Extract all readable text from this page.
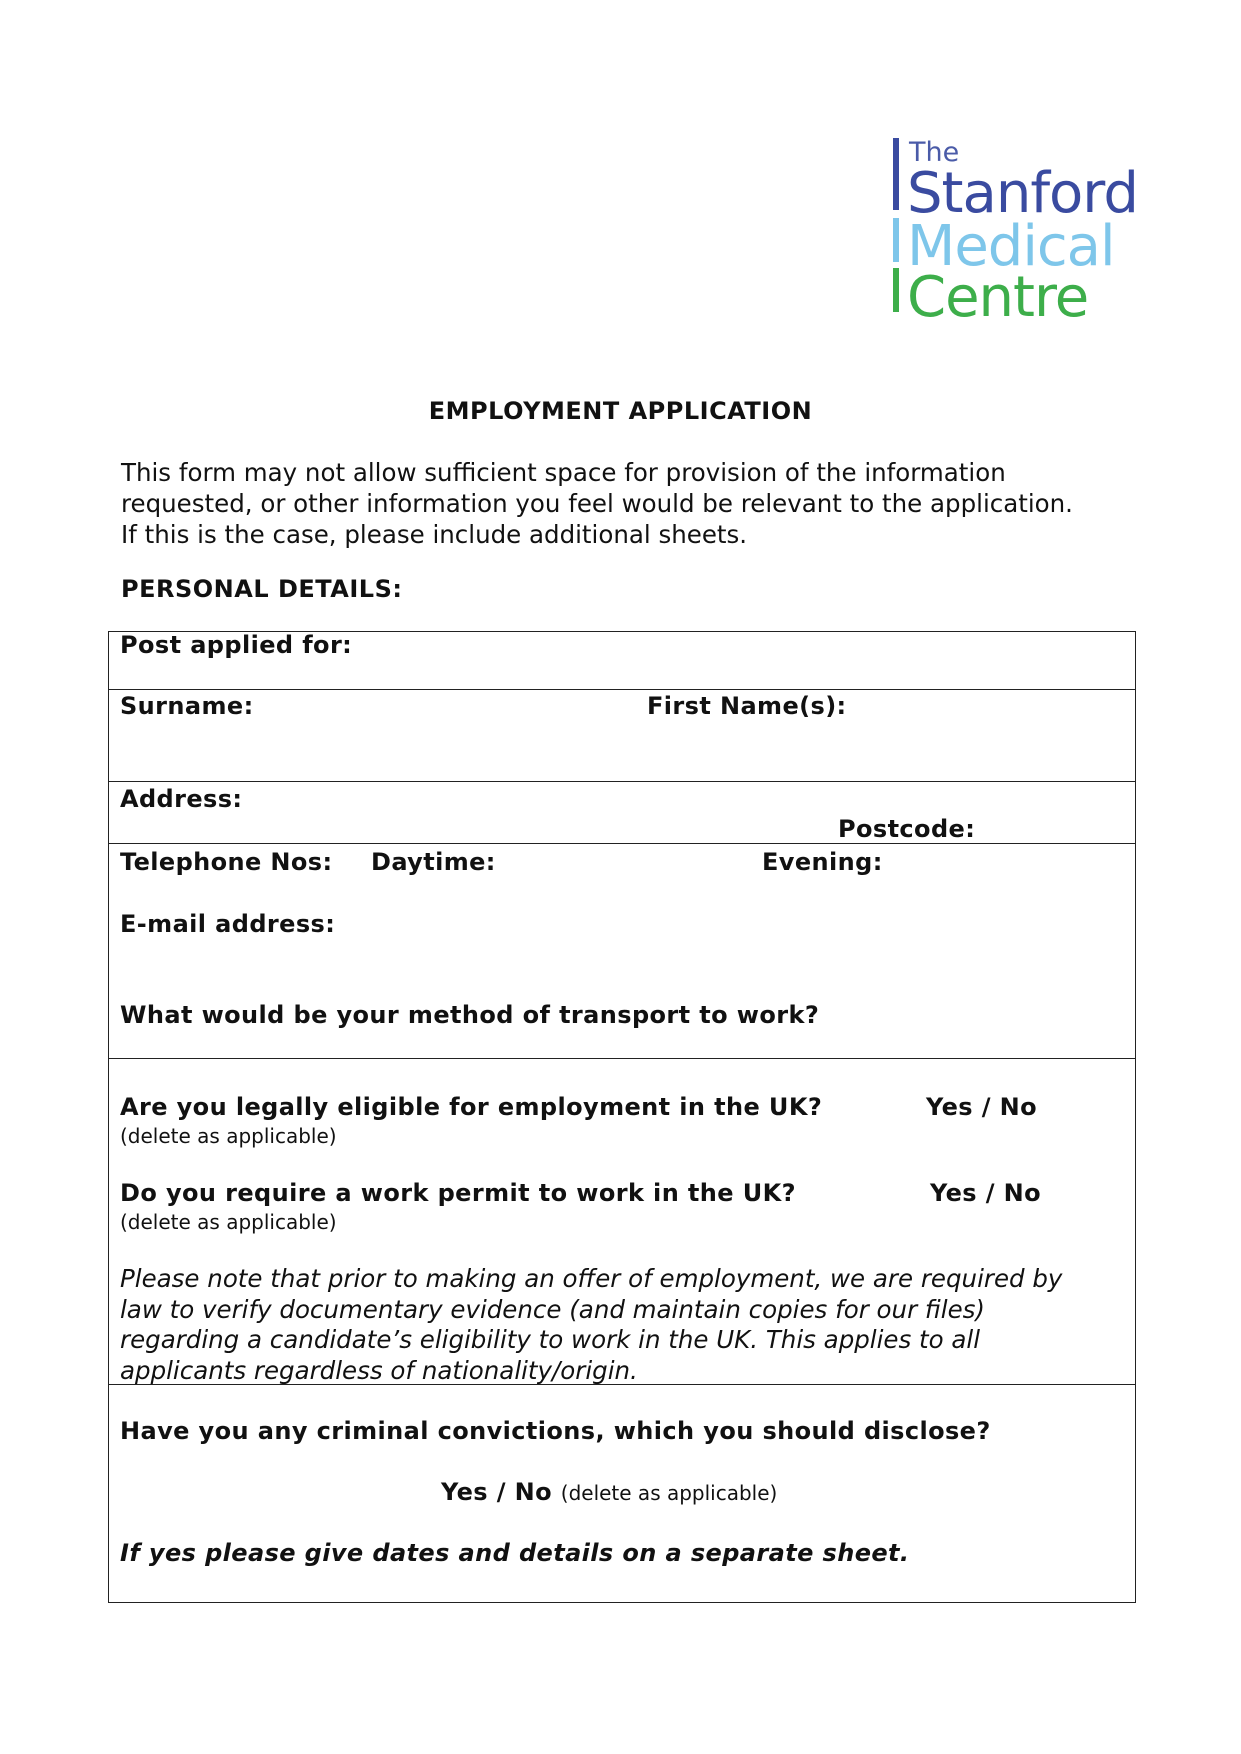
The
Stanford
Medical
Centre
EMPLOYMENT APPLICATION
This form may not allow sufficient space for provision of the information
requested, or other information you feel would be relevant to the application.
If this is the case, please include additional sheets.
PERSONAL DETAILS:
Post applied for:
Surname:	First Name(s):
Address:
Postcode:
Telephone Nos: Daytime:	Evening:
E-mail address:
What would be your method of transport to work?
Are you legally eligible for employment in the UK?	Yes / No
(delete as applicable)
Do you require a work permit to work in the UK?	Yes / No
(delete as applicable)
Please note that prior to making an offer of employment, we are required by
law to verify documentary evidence (and maintain copies for our files)
regarding a candidate’s eligibility to work in the UK. This applies to all
applicants regardless of nationality/origin.
Have you any criminal convictions, which you should disclose?
Yes / No (delete as applicable)
If yes please give dates and details on a separate sheet.
